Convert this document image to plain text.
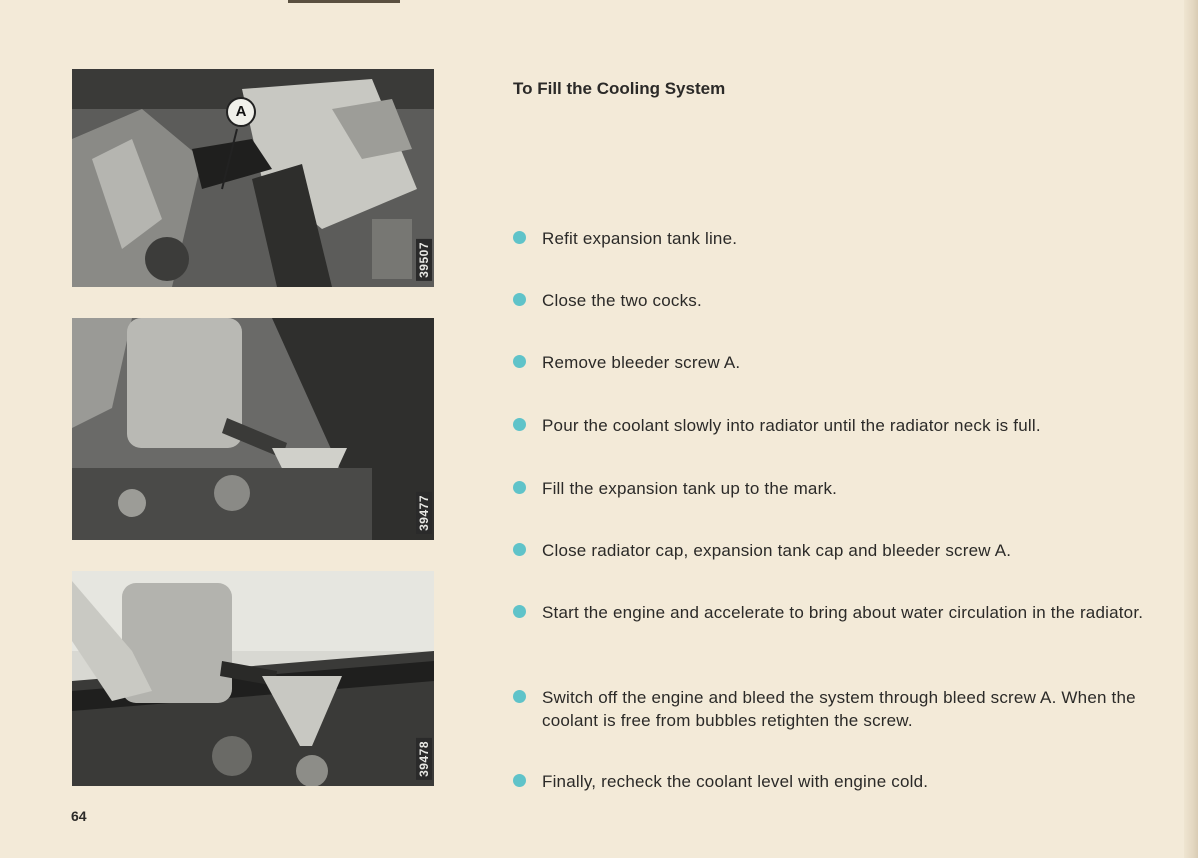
A
39507
39477
39478
To Fill the Cooling System
Refit expansion tank line.
Close the two cocks.
Remove bleeder screw A.
Pour the coolant slowly into radiator until the radiator neck is full.
Fill the expansion tank up to the mark.
Close radiator cap, expansion tank cap and bleeder screw A.
Start the engine and accelerate to bring about water circulation in the radiator.
Switch off the engine and bleed the system through bleed screw A. When the coolant is free from bubbles retighten the screw.
Finally, recheck the coolant level with engine cold.
64
